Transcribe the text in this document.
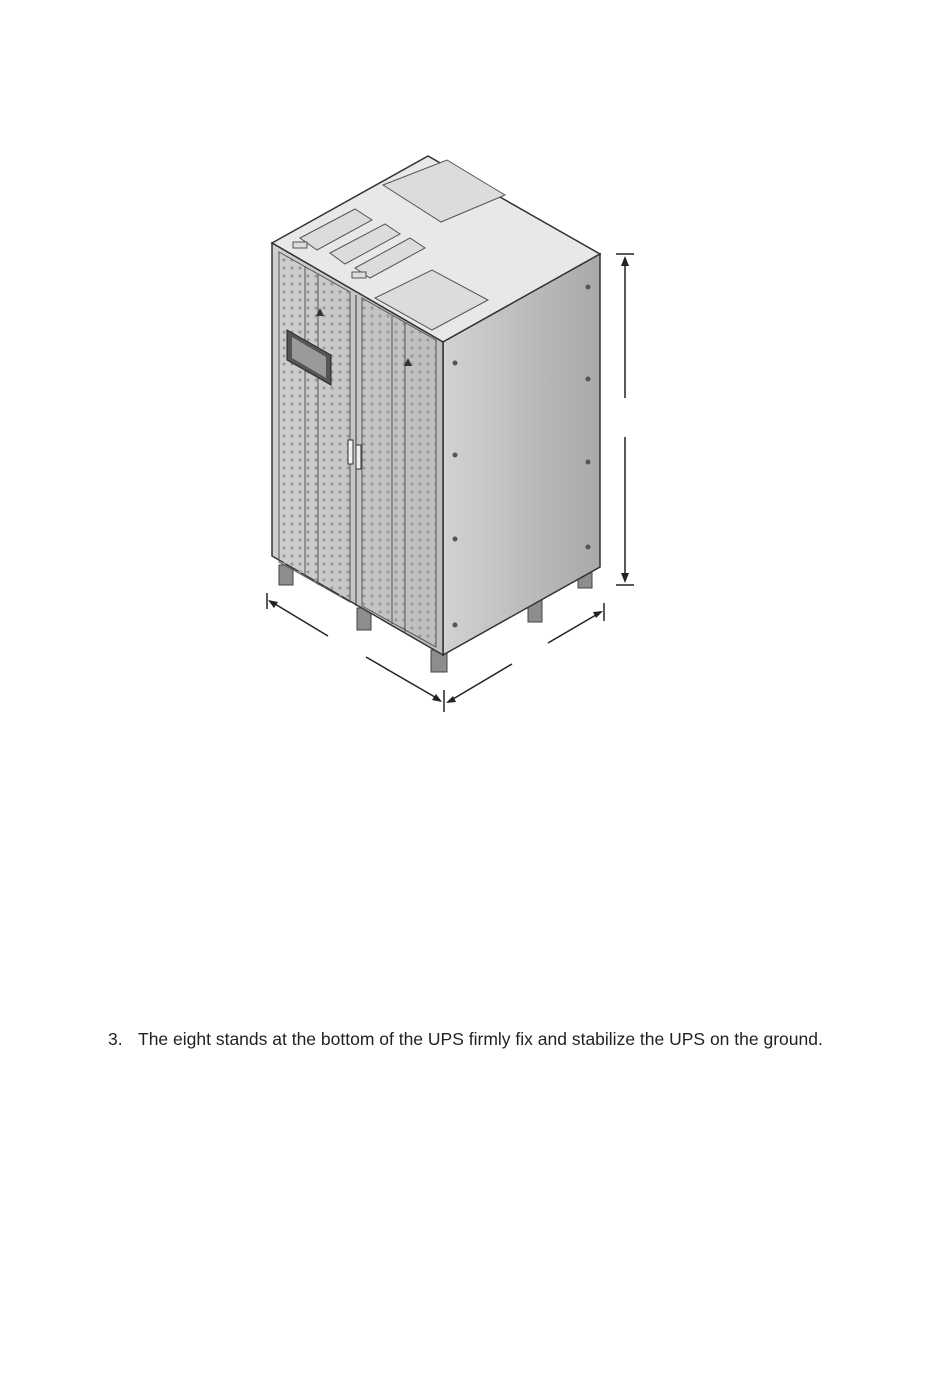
3. The eight stands at the bottom of the UPS firmly fix and stabilize the UPS on the ground.
